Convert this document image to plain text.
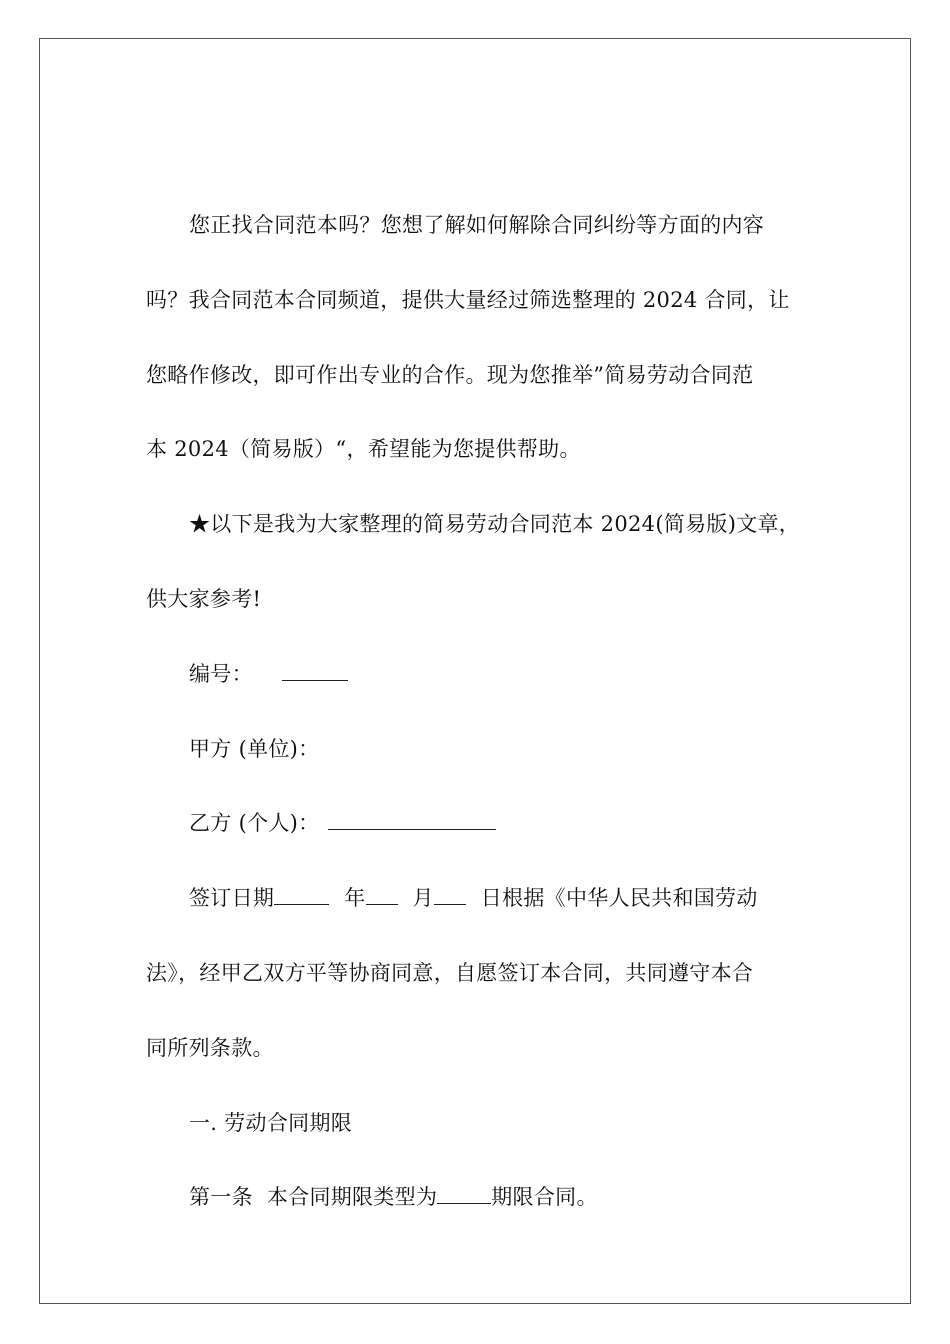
您正找合同范本吗？您想了解如何解除合同纠纷等方面的内容
吗？我合同范本合同频道，提供大量经过筛选整理的 2024 合同，让
您略作修改，即可作出专业的合作。现为您推举”简易劳动合同范
本 2024（简易版）“，希望能为您提供帮助。
★以下是我为大家整理的简易劳动合同范本 2024(简易版)文章，
供大家参考!
编号：
甲方 (单位)：
乙方 (个人)：
签订日期	年 月 日根据《中华人民共和国劳动
法》，经甲乙双方平等协商同意，自愿签订本合同，共同遵守本合
同所列条款。
一. 劳动合同期限
第一条  本合同期限类型为	期限合同。
